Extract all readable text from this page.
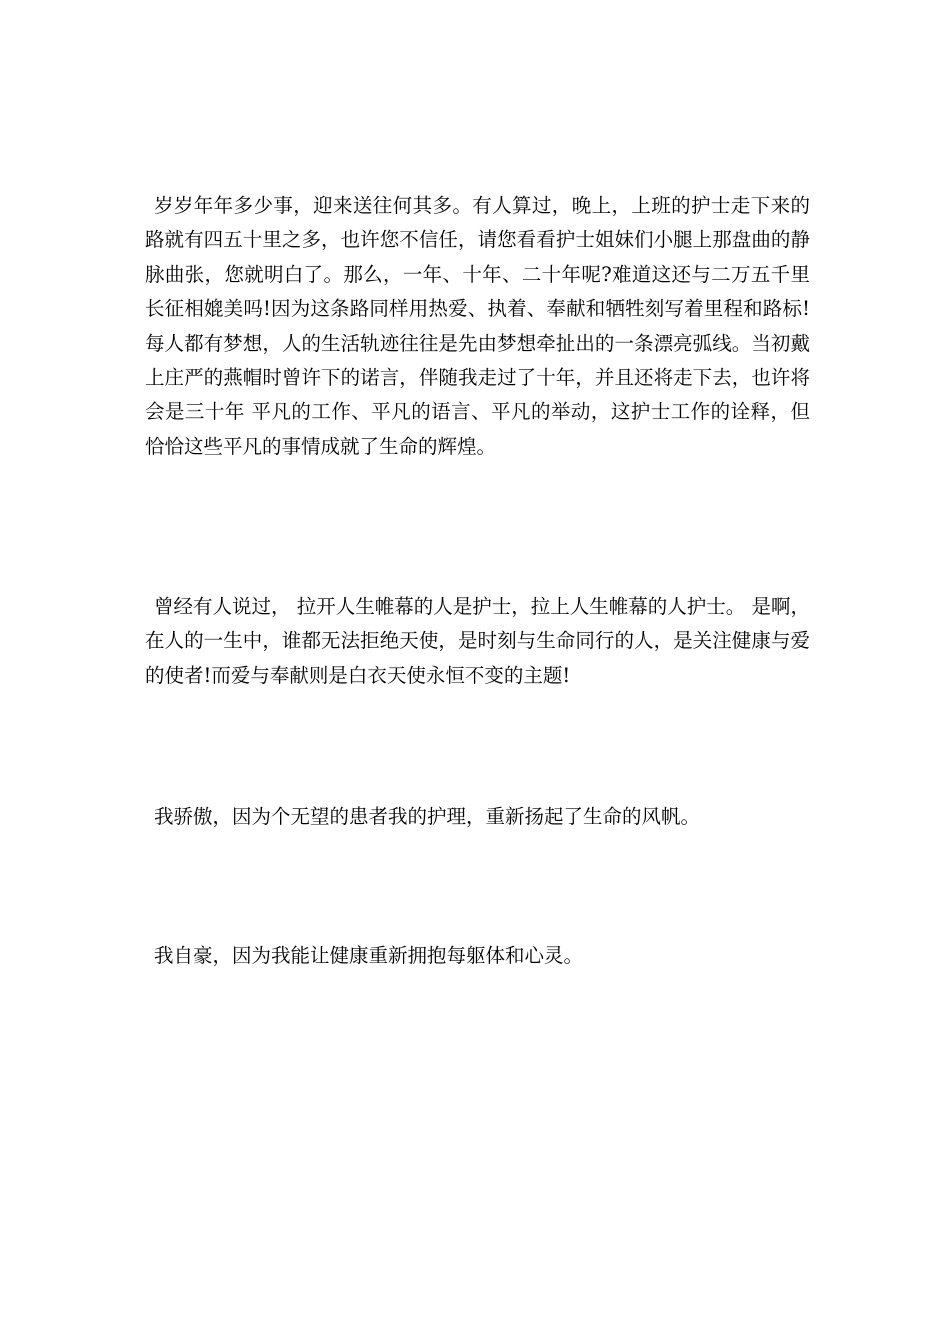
岁岁年年多少事，迎来送往何其多。有人算过，晚上，上班的护士走下来的路就有四五十里之多，也许您不信任，请您看看护士姐妹们小腿上那盘曲的静脉曲张，您就明白了。那么，一年、十年、二十年呢?难道这还与二万五千里长征相媲美吗!因为这条路同样用热爱、执着、奉献和牺牲刻写着里程和路标! 每人都有梦想，人的生活轨迹往往是先由梦想牵扯出的一条漂亮弧线。当初戴上庄严的燕帽时曾许下的诺言，伴随我走过了十年，并且还将走下去，也许将会是三十年 平凡的工作、平凡的语言、平凡的举动，这护士工作的诠释，但恰恰这些平凡的事情成就了生命的辉煌。

曾经有人说过， 拉开人生帷幕的人是护士，拉上人生帷幕的人护士。 是啊，在人的一生中，谁都无法拒绝天使，是时刻与生命同行的人，是关注健康与爱的使者!而爱与奉献则是白衣天使永恒不变的主题!

我骄傲，因为个无望的患者我的护理，重新扬起了生命的风帆。

我自豪，因为我能让健康重新拥抱每躯体和心灵。
